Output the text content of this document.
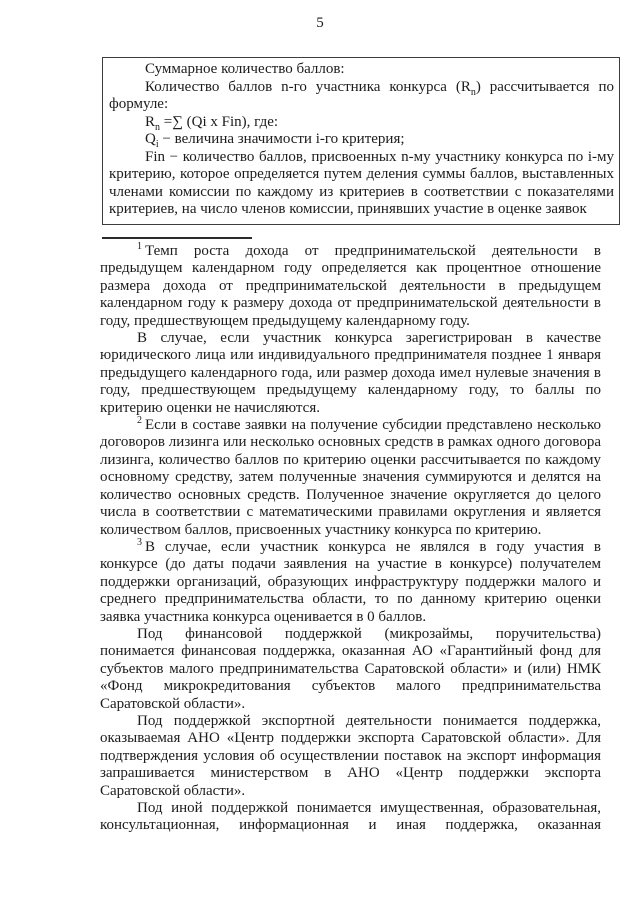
5

Суммарное количество баллов:

Количество баллов n-го участника конкурса $(R_n)$ рассчитывается по формуле:

$R_n$ =∑ (Qi x Fin), где:

$Q_i$ − величина значимости i-го критерия;

Fin − количество баллов, присвоенных n-му участнику конкурса по i-му критерию, которое определяется путем деления суммы баллов, выставленных членами комиссии по каждому из критериев в соответствии с показателями критериев, на число членов комиссии, принявших участие в оценке заявок

$^1$ Темп роста дохода от предпринимательской деятельности в предыдущем календарном году определяется как процентное отношение размера дохода от предпринимательской деятельности в предыдущем календарном году к размеру дохода от предпринимательской деятельности в году, предшествующем предыдущему календарному году.

В случае, если участник конкурса зарегистрирован в качестве юридического лица или индивидуального предпринимателя позднее 1 января предыдущего календарного года, или размер дохода имел нулевые значения в году, предшествующем предыдущему календарному году, то баллы по критерию оценки не начисляются.

$^2$ Если в составе заявки на получение субсидии представлено несколько договоров лизинга или несколько основных средств в рамках одного договора лизинга, количество баллов по критерию оценки рассчитывается по каждому основному средству, затем полученные значения суммируются и делятся на количество основных средств. Полученное значение округляется до целого числа в соответствии с математическими правилами округления и является количеством баллов, присвоенных участнику конкурса по критерию.

$^3$ В случае, если участник конкурса не являлся в году участия в конкурсе (до даты подачи заявления на участие в конкурсе) получателем поддержки организаций, образующих инфраструктуру поддержки малого и среднего предпринимательства области, то по данному критерию оценки заявка участника конкурса оценивается в 0 баллов.

Под финансовой поддержкой (микрозаймы, поручительства) понимается финансовая поддержка, оказанная АО «Гарантийный фонд для субъектов малого предпринимательства Саратовской области» и (или) НМК «Фонд микрокредитования субъектов малого предпринимательства Саратовской области».

Под поддержкой экспортной деятельности понимается поддержка, оказываемая АНО «Центр поддержки экспорта Саратовской области». Для подтверждения условия об осуществлении поставок на экспорт информация запрашивается министерством в АНО «Центр поддержки экспорта Саратовской области».

Под иной поддержкой понимается имущественная, образовательная, консультационная, информационная и иная поддержка, оказанная
